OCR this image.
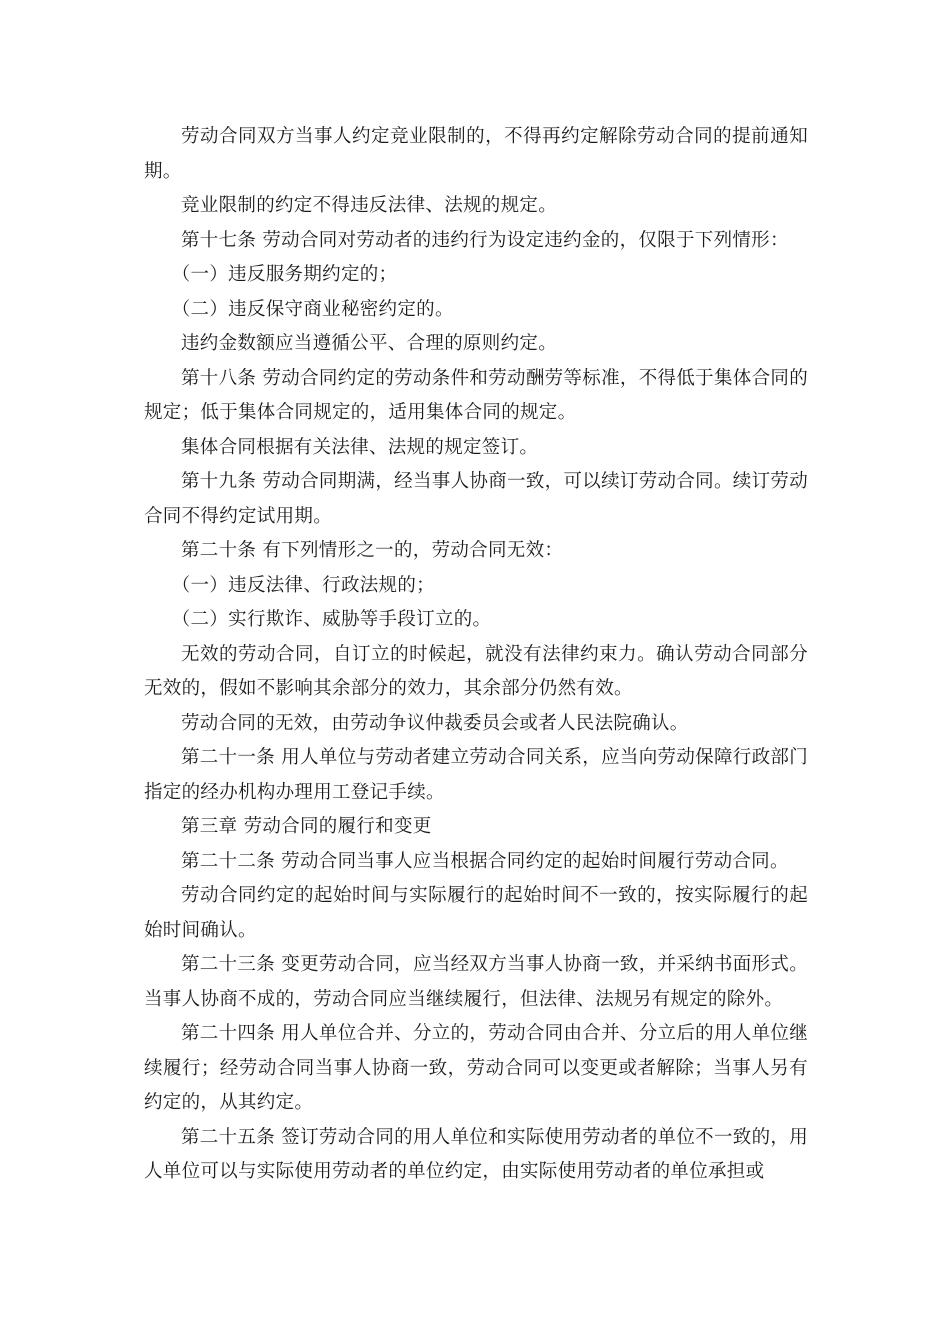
劳动合同双方当事人约定竞业限制的，不得再约定解除劳动合同的提前通知期。

竞业限制的约定不得违反法律、法规的规定。

第十七条 劳动合同对劳动者的违约行为设定违约金的，仅限于下列情形：

（一）违反服务期约定的；

（二）违反保守商业秘密约定的。

违约金数额应当遵循公平、合理的原则约定。

第十八条 劳动合同约定的劳动条件和劳动酬劳等标准，不得低于集体合同的规定；低于集体合同规定的，适用集体合同的规定。

集体合同根据有关法律、法规的规定签订。

第十九条 劳动合同期满，经当事人协商一致，可以续订劳动合同。续订劳动合同不得约定试用期。

第二十条 有下列情形之一的，劳动合同无效：

（一）违反法律、行政法规的；

（二）实行欺诈、威胁等手段订立的。

无效的劳动合同，自订立的时候起，就没有法律约束力。确认劳动合同部分无效的，假如不影响其余部分的效力，其余部分仍然有效。

劳动合同的无效，由劳动争议仲裁委员会或者人民法院确认。

第二十一条 用人单位与劳动者建立劳动合同关系，应当向劳动保障行政部门指定的经办机构办理用工登记手续。

第三章 劳动合同的履行和变更

第二十二条 劳动合同当事人应当根据合同约定的起始时间履行劳动合同。

劳动合同约定的起始时间与实际履行的起始时间不一致的，按实际履行的起始时间确认。

第二十三条 变更劳动合同，应当经双方当事人协商一致，并采纳书面形式。当事人协商不成的，劳动合同应当继续履行，但法律、法规另有规定的除外。

第二十四条 用人单位合并、分立的，劳动合同由合并、分立后的用人单位继续履行；经劳动合同当事人协商一致，劳动合同可以变更或者解除；当事人另有约定的，从其约定。

第二十五条 签订劳动合同的用人单位和实际使用劳动者的单位不一致的，用人单位可以与实际使用劳动者的单位约定，由实际使用劳动者的单位承担或
